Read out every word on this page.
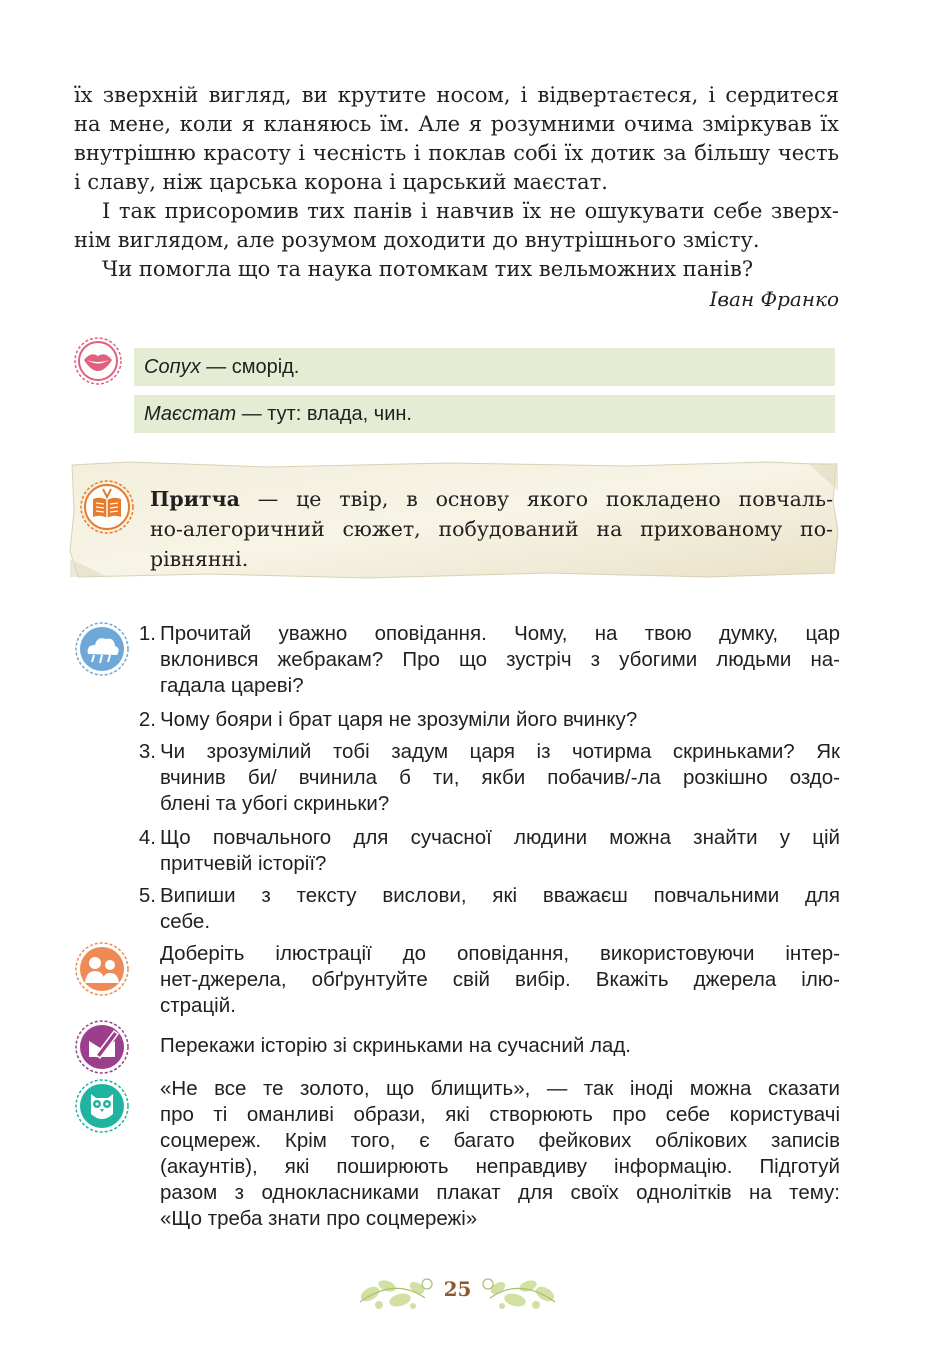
їх зверхній вигляд, ви крутите носом, і відвертаєтеся, і сердитеся

на мене, коли я кланяюсь їм. Але я розумними очима зміркував їх

внутрішню красоту і чесність і поклав собі їх дотик за більшу честь

і славу, ніж царська корона і царський маєстат.

І так присоромив тих панів і навчив їх не ошукувати себе зверх-

нім виглядом, але розумом доходити до внутрішнього змісту.

Чи помогла що та наука потомкам тих вельможних панів?

Іван Франко
Сопух — сморід.
Маєстат — тут: влада, чин.
Притча — це твір, в основу якого покладено повчаль-
но-алегоричний сюжет, побудований на прихованому по-
рівнянні.
1. Прочитай уважно оповідання. Чому, на твою думку, цар
вклонився жебракам? Про що зустріч з убогими людьми на-
гадала цареві?
2. Чому бояри і брат царя не зрозуміли його вчинку?
3. Чи зрозумілий тобі задум царя із чотирма скриньками? Як
вчинив би/ вчинила б ти, якби побачив/-ла розкішно оздо-
блені та убогі скриньки?
4. Що повчального для сучасної людини можна знайти у цій
притчевій історії?
5. Випиши з тексту вислови, які вважаєш повчальними для
себе.
Доберіть ілюстрації до оповідання, використовуючи інтер-
нет-джерела, обґрунтуйте свій вибір. Вкажіть джерела ілю-
страцій.
Перекажи історію зі скриньками на сучасний лад.
«Не все те золото, що блищить», — так іноді можна сказати
про ті оманливі образи, які створюють про себе користувачі
соцмереж. Крім того, є багато фейкових облікових записів
(акаунтів), які поширюють неправдиву інформацію. Підготуй
разом з однокласниками плакат для своїх однолітків на тему:
«Що треба знати про соцмережі»
25
